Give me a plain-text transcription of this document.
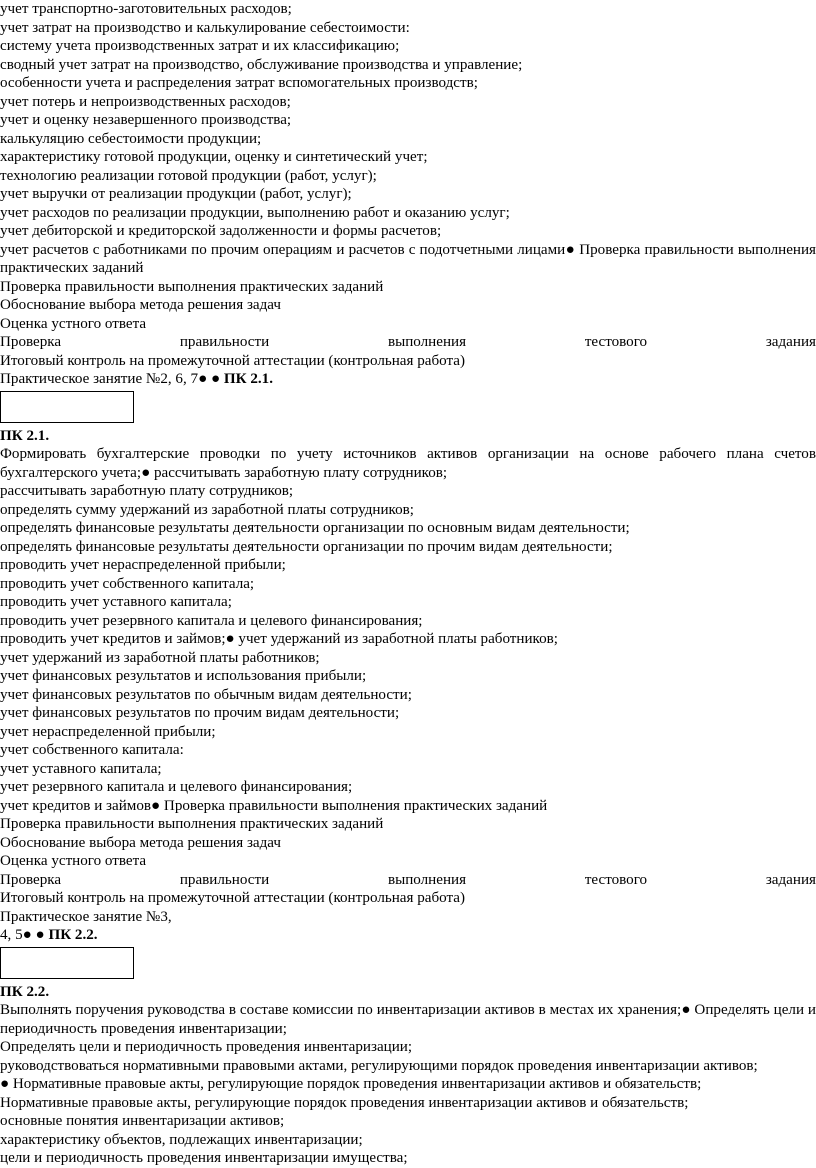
учет транспортно-заготовительных расходов;

учет затрат на производство и калькулирование себестоимости:

систему учета производственных затрат и их классификацию;

сводный учет затрат на производство, обслуживание производства и управление;

особенности учета и распределения затрат вспомогательных производств;

учет потерь и непроизводственных расходов;

учет и оценку незавершенного производства;

калькуляцию себестоимости продукции;

характеристику готовой продукции, оценку и синтетический учет;

технологию реализации готовой продукции (работ, услуг);

учет выручки от реализации продукции (работ, услуг);

учет расходов по реализации продукции, выполнению работ и оказанию услуг;

учет дебиторской и кредиторской задолженности и формы расчетов;

учет расчетов с работниками по прочим операциям и расчетов с подотчетными лицами● Проверка правильности выполнения практических заданий

Проверка правильности выполнения практических заданий

Обоснование выбора метода решения задач

Оценка устного ответа

Проверка	правильности	выполнения	тестового	задания

Итоговый контроль на промежуточной аттестации (контрольная работа)

Практическое занятие №2, 6, 7● ● ПК 2.1.

ПК 2.1.

Формировать бухгалтерские проводки по учету источников активов организации на основе рабочего плана счетов бухгалтерского учета;● рассчитывать заработную плату сотрудников;

рассчитывать заработную плату сотрудников;

определять сумму удержаний из заработной платы сотрудников;

определять финансовые результаты деятельности организации по основным видам деятельности;

определять финансовые результаты деятельности организации по прочим видам деятельности;

проводить учет нераспределенной прибыли;

проводить учет собственного капитала;

проводить учет уставного капитала;

проводить учет резервного капитала и целевого финансирования;

проводить учет кредитов и займов;● учет удержаний из заработной платы работников;

учет удержаний из заработной платы работников;

учет финансовых результатов и использования прибыли;

учет финансовых результатов по обычным видам деятельности;

учет финансовых результатов по прочим видам деятельности;

учет нераспределенной прибыли;

учет собственного капитала:

учет уставного капитала;

учет резервного капитала и целевого финансирования;

учет кредитов и займов● Проверка правильности выполнения практических заданий

Проверка правильности выполнения практических заданий

Обоснование выбора метода решения задач

Оценка устного ответа

Проверка	правильности	выполнения	тестового	задания

Итоговый контроль на промежуточной аттестации (контрольная работа)

Практическое занятие №3,

4, 5● ● ПК 2.2.

ПК 2.2.

Выполнять поручения руководства в составе комиссии по инвентаризации активов в местах их хранения;● Определять цели и периодичность проведения инвентаризации;

Определять цели и периодичность проведения инвентаризации;

руководствоваться нормативными правовыми актами, регулирующими порядок проведения инвентаризации активов;

● Нормативные правовые акты, регулирующие порядок проведения инвентаризации активов и обязательств;

Нормативные правовые акты, регулирующие порядок проведения инвентаризации активов и обязательств;

основные понятия инвентаризации активов;

характеристику объектов, подлежащих инвентаризации;

цели и периодичность проведения инвентаризации имущества;
